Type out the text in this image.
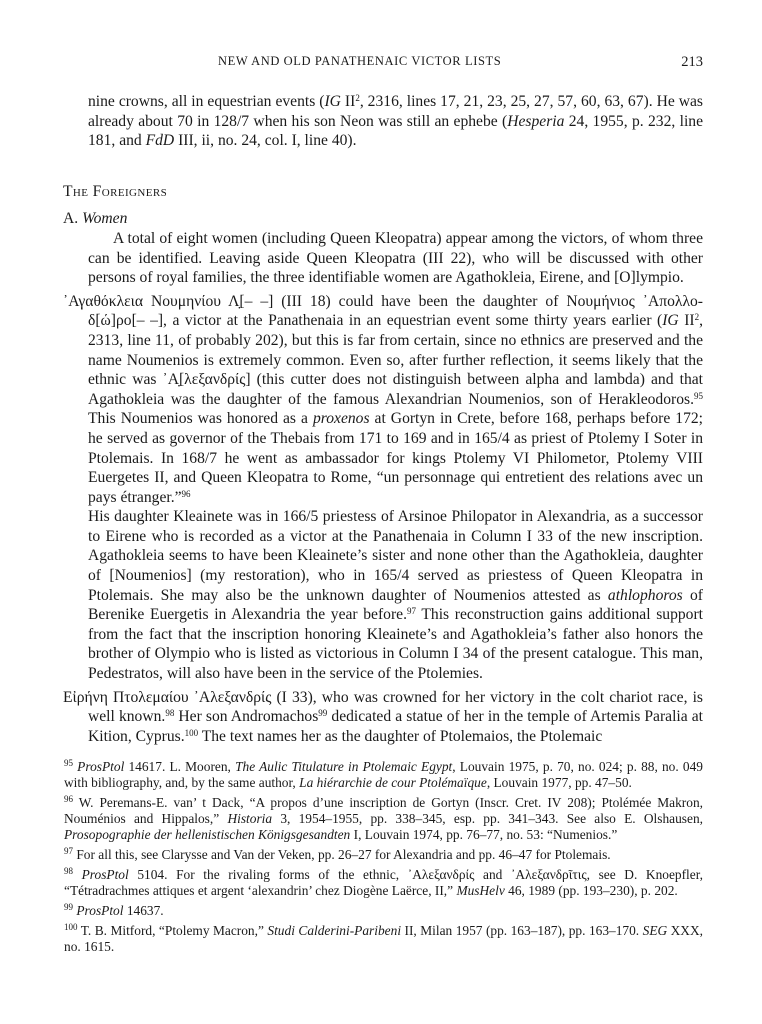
NEW AND OLD PANATHENAIC VICTOR LISTS	213

nine crowns, all in equestrian events (IG $II^2$, 2316, lines 17, 21, 23, 25, 27, 57, 60, 63, 67). He was already about 70 in 128/7 when his son Neon was still an ephebe (Hesperia 24, 1955, p. 232, line 181, and FdD III, ii, no. 24, col. I, line 40).

The Foreigners

A. Women

A total of eight women (including Queen Kleopatra) appear among the victors, of whom three can be identified. Leaving aside Queen Kleopatra (III 22), who will be discussed with other persons of royal families, the three identifiable women are Agathokleia, Eirene, and [O]lympio.

᾿Αγαθόκλεια Νουμηνίου Λ̣[– –] (III 18) could have been the daughter of Νουμήνιος ᾿Απολλο-δ[ώ]ρο[– –], a victor at the Panathenaia in an equestrian event some thirty years earlier (IG $II^2$, 2313, line 11, of probably 202), but this is far from certain, since no ethnics are preserved and the name Noumenios is extremely common. Even so, after further reflection, it seems likely that the ethnic was ᾿Α̣[λεξανδρίς] (this cutter does not distinguish between alpha and lambda) and that Agathokleia was the daughter of the famous Alexandrian Noumenios, son of Herakleodoros.$^{95}$ This Noumenios was honored as a proxenos at Gortyn in Crete, before 168, perhaps before 172; he served as governor of the Thebais from 171 to 169 and in 165/4 as priest of Ptolemy I Soter in Ptolemais. In 168/7 he went as ambassador for kings Ptolemy VI Philometor, Ptolemy VIII Euergetes II, and Queen Kleopatra to Rome, “un personnage qui entretient des relations avec un pays étranger.”$^{96}$

His daughter Kleainete was in 166/5 priestess of Arsinoe Philopator in Alexandria, as a successor to Eirene who is recorded as a victor at the Panathenaia in Column I 33 of the new inscription. Agathokleia seems to have been Kleainete’s sister and none other than the Agathokleia, daughter of [Noumenios] (my restoration), who in 165/4 served as priestess of Queen Kleopatra in Ptolemais. She may also be the unknown daughter of Noumenios attested as athlophoros of Berenike Euergetis in Alexandria the year before.$^{97}$ This reconstruction gains additional support from the fact that the inscription honoring Kleainete’s and Agathokleia’s father also honors the brother of Olympio who is listed as victorious in Column I 34 of the present catalogue. This man, Pedestratos, will also have been in the service of the Ptolemies.

Εἰρήνη Πτολεμαίου ᾿Αλεξανδρίς (I 33), who was crowned for her victory in the colt chariot race, is well known.$^{98}$ Her son Andromachos$^{99}$ dedicated a statue of her in the temple of Artemis Paralia at Kition, Cyprus.$^{100}$ The text names her as the daughter of Ptolemaios, the Ptolemaic

$^{95}$ ProsPtol 14617. L. Mooren, The Aulic Titulature in Ptolemaic Egypt, Louvain 1975, p. 70, no. 024; p. 88, no. 049 with bibliography, and, by the same author, La hiérarchie de cour Ptolémaïque, Louvain 1977, pp. 47–50.

$^{96}$ W. Peremans-E. van’ t Dack, “A propos d’une inscription de Gortyn (Inscr. Cret. IV 208); Ptolémée Makron, Nouménios and Hippalos,” Historia 3, 1954–1955, pp. 338–345, esp. pp. 341–343. See also E. Olshausen, Prosopographie der hellenistischen Königsgesandten I, Louvain 1974, pp. 76–77, no. 53: “Numenios.”

$^{97}$ For all this, see Clarysse and Van der Veken, pp. 26–27 for Alexandria and pp. 46–47 for Ptolemais.

$^{98}$ ProsPtol 5104. For the rivaling forms of the ethnic, ᾿Αλεξανδρίς and ᾿Αλεξανδρῖτις, see D. Knoepfler, “Tétradrachmes attiques et argent ‘alexandrin’ chez Diogène Laërce, II,” MusHelv 46, 1989 (pp. 193–230), p. 202.

$^{99}$ ProsPtol 14637.

$^{100}$ T. B. Mitford, “Ptolemy Macron,” Studi Calderini-Paribeni II, Milan 1957 (pp. 163–187), pp. 163–170. SEG XXX, no. 1615.
